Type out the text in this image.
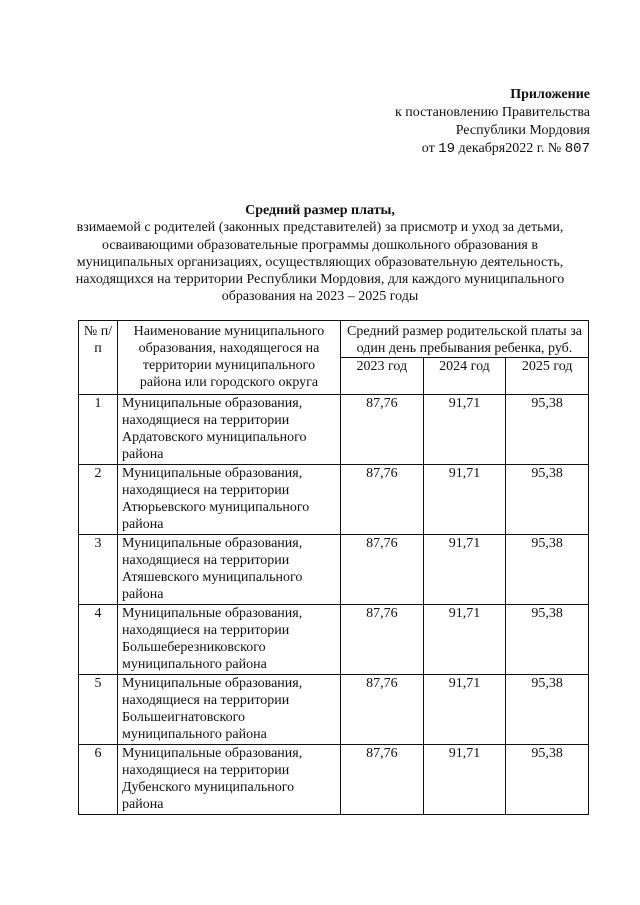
Приложение
к постановлению Правительства
Республики Мордовия
от 19 декабря2022 г. № 807
Средний размер платы,
взимаемой с родителей (законных представителей) за присмотр и уход за детьми, осваивающими образовательные программы дошкольного образования в муниципальных организациях, осуществляющих образовательную деятельность, находящихся на территории Республики Мордовия, для каждого муниципального образования на 2023 – 2025 годы
№ п/п	Наименование муниципального образования, находящегося на территории муниципального района или городского округа	Средний размер родительской платы за один день пребывания ребенка, руб.		
		2023 год	2024 год	2025 год
1	Муниципальные образования, находящиеся на территории Ардатовского муниципального района	87,76	91,71	95,38
2	Муниципальные образования, находящиеся на территории Атюрьевского муниципального района	87,76	91,71	95,38
3	Муниципальные образования, находящиеся на территории Атяшевского муниципального района	87,76	91,71	95,38
4	Муниципальные образования, находящиеся на территории Большеберезниковского муниципального района	87,76	91,71	95,38
5	Муниципальные образования, находящиеся на территории Большеигнатовского муниципального района	87,76	91,71	95,38
6	Муниципальные образования, находящиеся на территории Дубенского муниципального района	87,76	91,71	95,38
